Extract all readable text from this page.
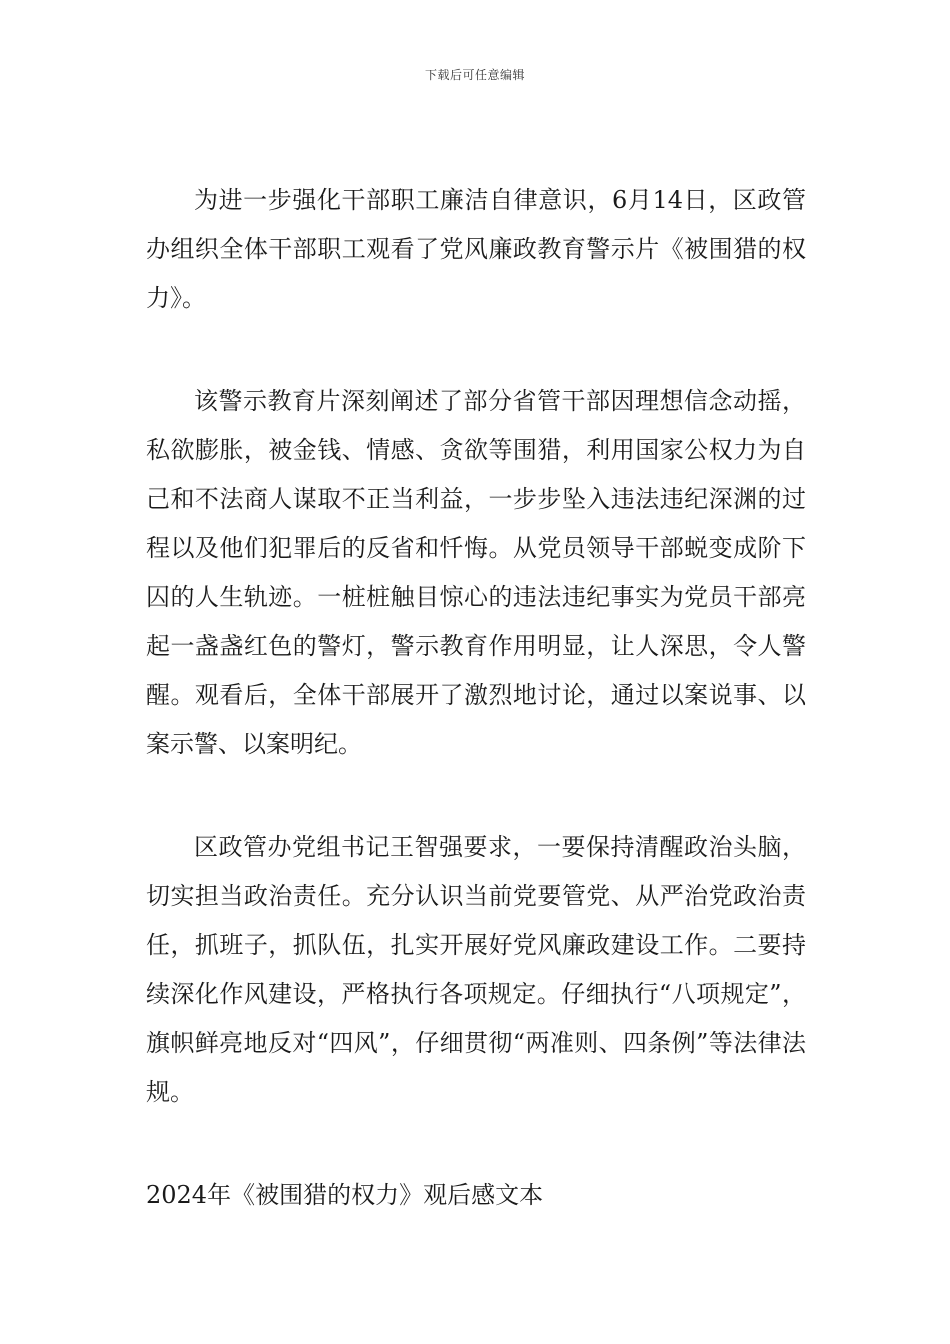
下载后可任意编辑

为进一步强化干部职工廉洁自律意识，6月14日，区政管办组织全体干部职工观看了党风廉政教育警示片《被围猎的权力》。

该警示教育片深刻阐述了部分省管干部因理想信念动摇，私欲膨胀，被金钱、情感、贪欲等围猎，利用国家公权力为自己和不法商人谋取不正当利益，一步步坠入违法违纪深渊的过程以及他们犯罪后的反省和忏悔。从党员领导干部蜕变成阶下囚的人生轨迹。一桩桩触目惊心的违法违纪事实为党员干部亮起一盏盏红色的警灯，警示教育作用明显，让人深思，令人警醒。观看后，全体干部展开了激烈地讨论，通过以案说事、以案示警、以案明纪。

区政管办党组书记王智强要求，一要保持清醒政治头脑，切实担当政治责任。充分认识当前党要管党、从严治党政治责任，抓班子，抓队伍，扎实开展好党风廉政建设工作。二要持续深化作风建设，严格执行各项规定。仔细执行“八项规定”，旗帜鲜亮地反对“四风”，仔细贯彻“两准则、四条例”等法律法规。

2024年《被围猎的权力》观后感文本
